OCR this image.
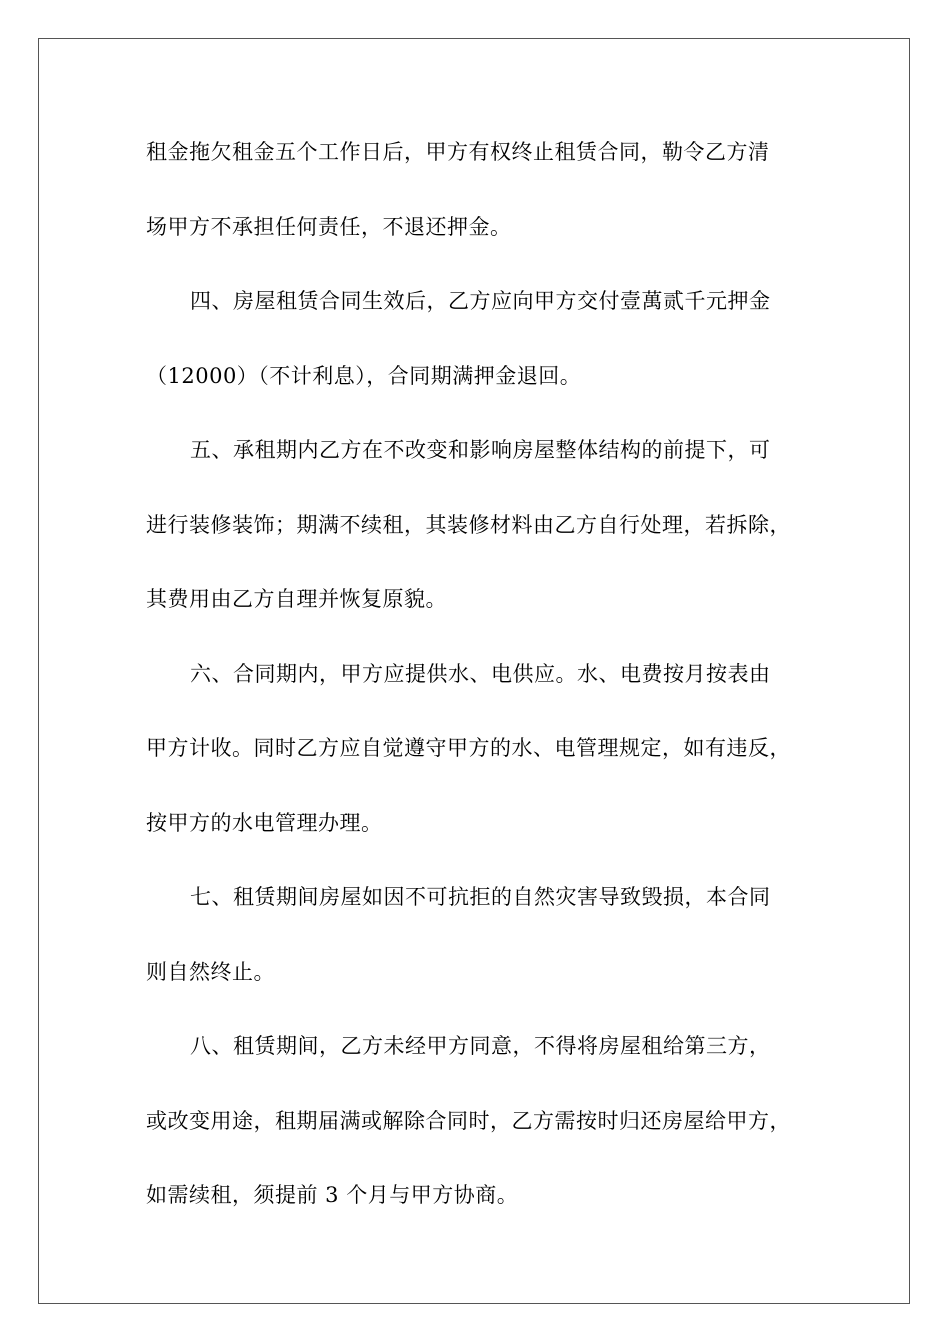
租金拖欠租金五个工作日后，甲方有权终止租赁合同，勒令乙方清
场甲方不承担任何责任，不退还押金。
四、房屋租赁合同生效后，乙方应向甲方交付壹萬贰千元押金
（12000）（不计利息），合同期满押金退回。
五、承租期内乙方在不改变和影响房屋整体结构的前提下，可
进行装修装饰；期满不续租，其装修材料由乙方自行处理，若拆除，
其费用由乙方自理并恢复原貌。
六、合同期内，甲方应提供水、电供应。水、电费按月按表由
甲方计收。同时乙方应自觉遵守甲方的水、电管理规定，如有违反，
按甲方的水电管理办理。
七、租赁期间房屋如因不可抗拒的自然灾害导致毁损，本合同
则自然终止。
八、租赁期间，乙方未经甲方同意，不得将房屋租给第三方，
或改变用途，租期届满或解除合同时，乙方需按时归还房屋给甲方，
如需续租，须提前 3 个月与甲方协商。
